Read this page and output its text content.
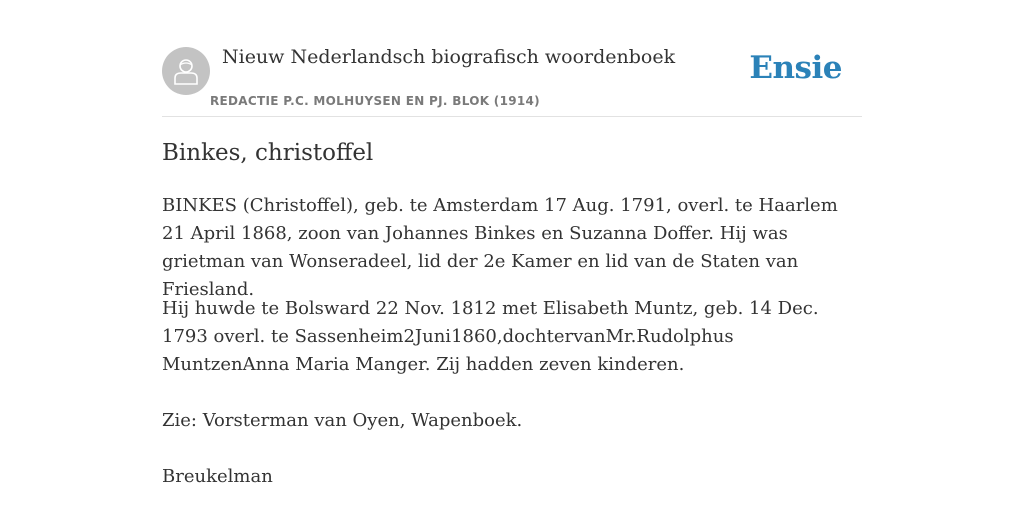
Nieuw Nederlandsch biografisch woordenboek
REDACTIE P.C. MOLHUYSEN EN PJ. BLOK (1914)
Ensie
Binkes, christoffel

BINKES (Christoffel), geb. te Amsterdam 17 Aug. 1791, overl. te Haarlem 21 April 1868, zoon van Johannes Binkes en Suzanna Doffer. Hij was grietman van Wonseradeel, lid der 2e Kamer en lid van de Staten van Friesland.

Hij huwde te Bolsward 22 Nov. 1812 met Elisabeth Muntz, geb. 14 Dec. 1793 overl. te Sassenheim2Juni1860,dochtervanMr.Rudolphus MuntzenAnna Maria Manger. Zij hadden zeven kinderen.

Zie: Vorsterman van Oyen, Wapenboek.

Breukelman
